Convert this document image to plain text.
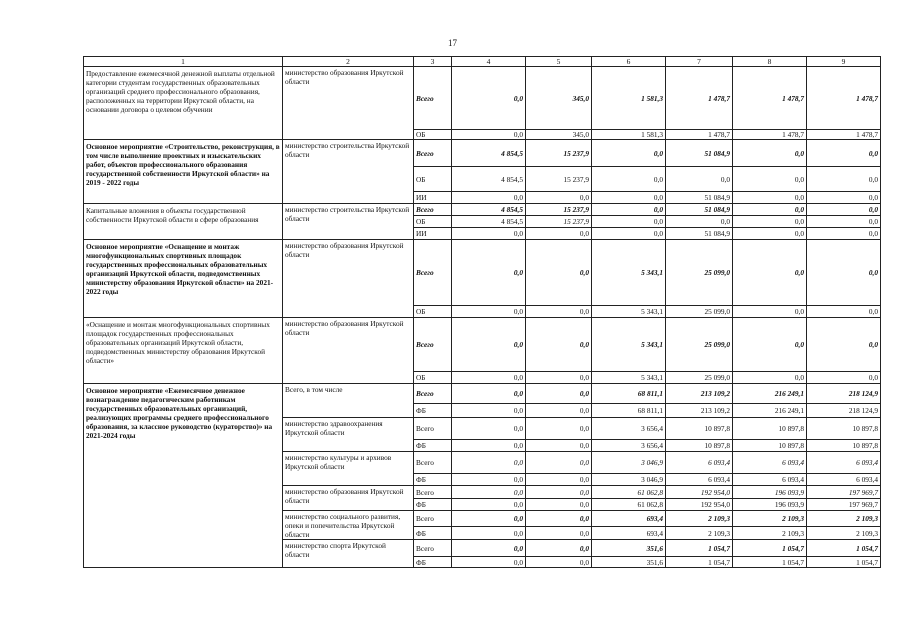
17
1	2	3	4	5	6	7	8	9
Предоставление ежемесячной денежной выплаты отдельной категории студентам государственных образовательных организаций среднего профессионального образования, расположенных на территории Иркутской области, на основании договора о целевом обучении	министерство образования Иркутской области	Всего	0,0	345,0	1 581,3	1 478,7	1 478,7	1 478,7
		ОБ	0,0	345,0	1 581,3	1 478,7	1 478,7	1 478,7
Основное мероприятие «Строительство, реконструкция, в том числе выполнение проектных и изыскательских работ, объектов профессионального образования государственной собственности Иркутской области» на 2019 - 2022 годы	министерство строительства Иркутской области	Всего	4 854,5	15 237,9	0,0	51 084,9	0,0	0,0
		ОБ	4 854,5	15 237,9	0,0	0,0	0,0	0,0
		ИИ	0,0	0,0	0,0	51 084,9	0,0	0,0
Капитальные вложения в объекты государственной собственности Иркутской области в сфере образования	министерство строительства Иркутской области	Всего	4 854,5	15 237,9	0,0	51 084,9	0,0	0,0
		ОБ	4 854,5	15 237,9	0,0	0,0	0,0	0,0
		ИИ	0,0	0,0	0,0	51 084,9	0,0	0,0
Основное мероприятие «Оснащение и монтаж многофункциональных спортивных площадок государственных профессиональных образовательных организаций Иркутской области, подведомственных министерству образования Иркутской области» на 2021-2022 годы	министерство образования Иркутской области	Всего	0,0	0,0	5 343,1	25 099,0	0,0	0,0
		ОБ	0,0	0,0	5 343,1	25 099,0	0,0	0,0
«Оснащение и монтаж многофункциональных спортивных площадок государственных профессиональных образовательных организаций Иркутской области, подведомственных министерству образования Иркутской области»	министерство образования Иркутской области	Всего	0,0	0,0	5 343,1	25 099,0	0,0	0,0
		ОБ	0,0	0,0	5 343,1	25 099,0	0,0	0,0
Основное мероприятие «Ежемесячное денежное вознаграждение педагогическим работникам государственных образовательных организаций, реализующих программы среднего профессионального образования, за классное руководство (кураторство)» на 2021-2024 годы	Всего, в том числе	Всего	0,0	0,0	68 811,1	213 109,2	216 249,1	218 124,9
		ФБ	0,0	0,0	68 811,1	213 109,2	216 249,1	218 124,9
	министерство здравоохранения Иркутской области	Всего	0,0	0,0	3 656,4	10 897,8	10 897,8	10 897,8
		ФБ	0,0	0,0	3 656,4	10 897,8	10 897,8	10 897,8
	министерство культуры и архивов Иркутской области	Всего	0,0	0,0	3 046,9	6 093,4	6 093,4	6 093,4
		ФБ	0,0	0,0	3 046,9	6 093,4	6 093,4	6 093,4
	министерство образования Иркутской области	Всего	0,0	0,0	61 062,8	192 954,0	196 093,9	197 969,7
		ФБ	0,0	0,0	61 062,8	192 954,0	196 093,9	197 969,7
	министерство социального развития, опеки и попечительства Иркутской области	Всего	0,0	0,0	693,4	2 109,3	2 109,3	2 109,3
		ФБ	0,0	0,0	693,4	2 109,3	2 109,3	2 109,3
	министерство спорта Иркутской области	Всего	0,0	0,0	351,6	1 054,7	1 054,7	1 054,7
		ФБ	0,0	0,0	351,6	1 054,7	1 054,7	1 054,7
